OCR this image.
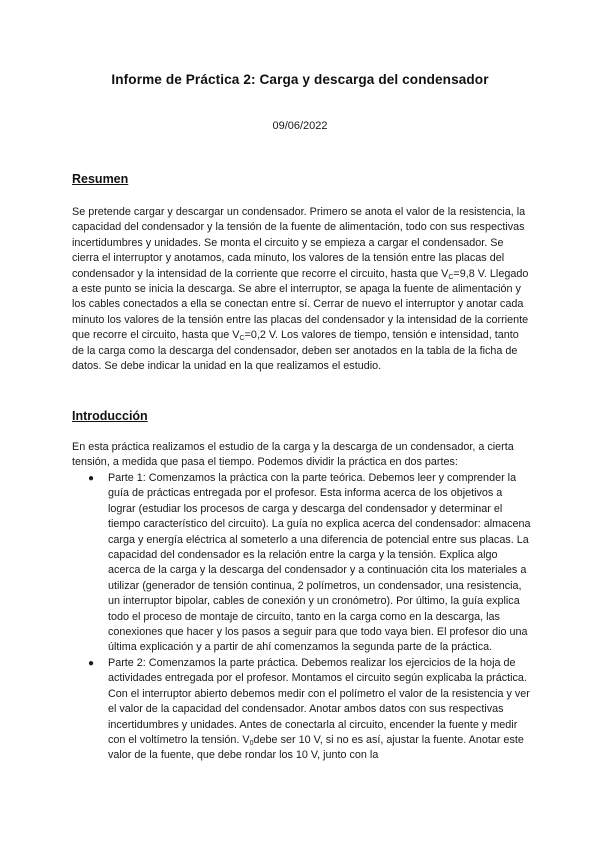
Informe de Práctica 2: Carga y descarga del condensador
09/06/2022
Resumen

Se pretende cargar y descargar un condensador. Primero se anota el valor de la resistencia, la capacidad del condensador y la tensión de la fuente de alimentación, todo con sus respectivas incertidumbres y unidades. Se monta el circuito y se empieza a cargar el condensador. Se cierra el interruptor y anotamos, cada minuto, los valores de la tensión entre las placas del condensador y la intensidad de la corriente que recorre el circuito, hasta que $V_C=9,8$ V. Llegado a este punto se inicia la descarga. Se abre el interruptor, se apaga la fuente de alimentación y los cables conectados a ella se conectan entre sí. Cerrar de nuevo el interruptor y anotar cada minuto los valores de la tensión entre las placas del condensador y la intensidad de la corriente que recorre el circuito, hasta que $V_C=0,2$ V. Los valores de tiempo, tensión e intensidad, tanto de la carga como la descarga del condensador, deben ser anotados en la tabla de la ficha de datos. Se debe indicar la unidad en la que realizamos el estudio.

Introducción

En esta práctica realizamos el estudio de la carga y la descarga de un condensador, a cierta tensión, a medida que pasa el tiempo. Podemos dividir la práctica en dos partes:

● Parte 1: Comenzamos la práctica con la parte teórica. Debemos leer y comprender la guía de prácticas entregada por el profesor. Esta informa acerca de los objetivos a lograr (estudiar los procesos de carga y descarga del condensador y determinar el tiempo característico del circuito). La guía no explica acerca del condensador: almacena carga y energía eléctrica al someterlo a una diferencia de potencial entre sus placas. La capacidad del condensador es la relación entre la carga y la tensión. Explica algo acerca de la carga y la descarga del condensador y a continuación cita los materiales a utilizar (generador de tensión continua, 2 polímetros, un condensador, una resistencia, un interruptor bipolar, cables de conexión y un cronómetro). Por último, la guía explica todo el proceso de montaje de circuito, tanto en la carga como en la descarga, las conexiones que hacer y los pasos a seguir para que todo vaya bien. El profesor dio una última explicación y a partir de ahí comenzamos la segunda parte de la práctica.
● Parte 2: Comenzamos la parte práctica. Debemos realizar los ejercicios de la hoja de actividades entregada por el profesor. Montamos el circuito según explicaba la práctica. Con el interruptor abierto debemos medir con el polímetro el valor de la resistencia y ver el valor de la capacidad del condensador. Anotar ambos datos con sus respectivas incertidumbres y unidades. Antes de conectarla al circuito, encender la fuente y medir con el voltímetro la tensión. $V_0debe$ ser 10 V, si no es así, ajustar la fuente. Anotar este valor de la fuente, que debe rondar los 10 V, junto con la
